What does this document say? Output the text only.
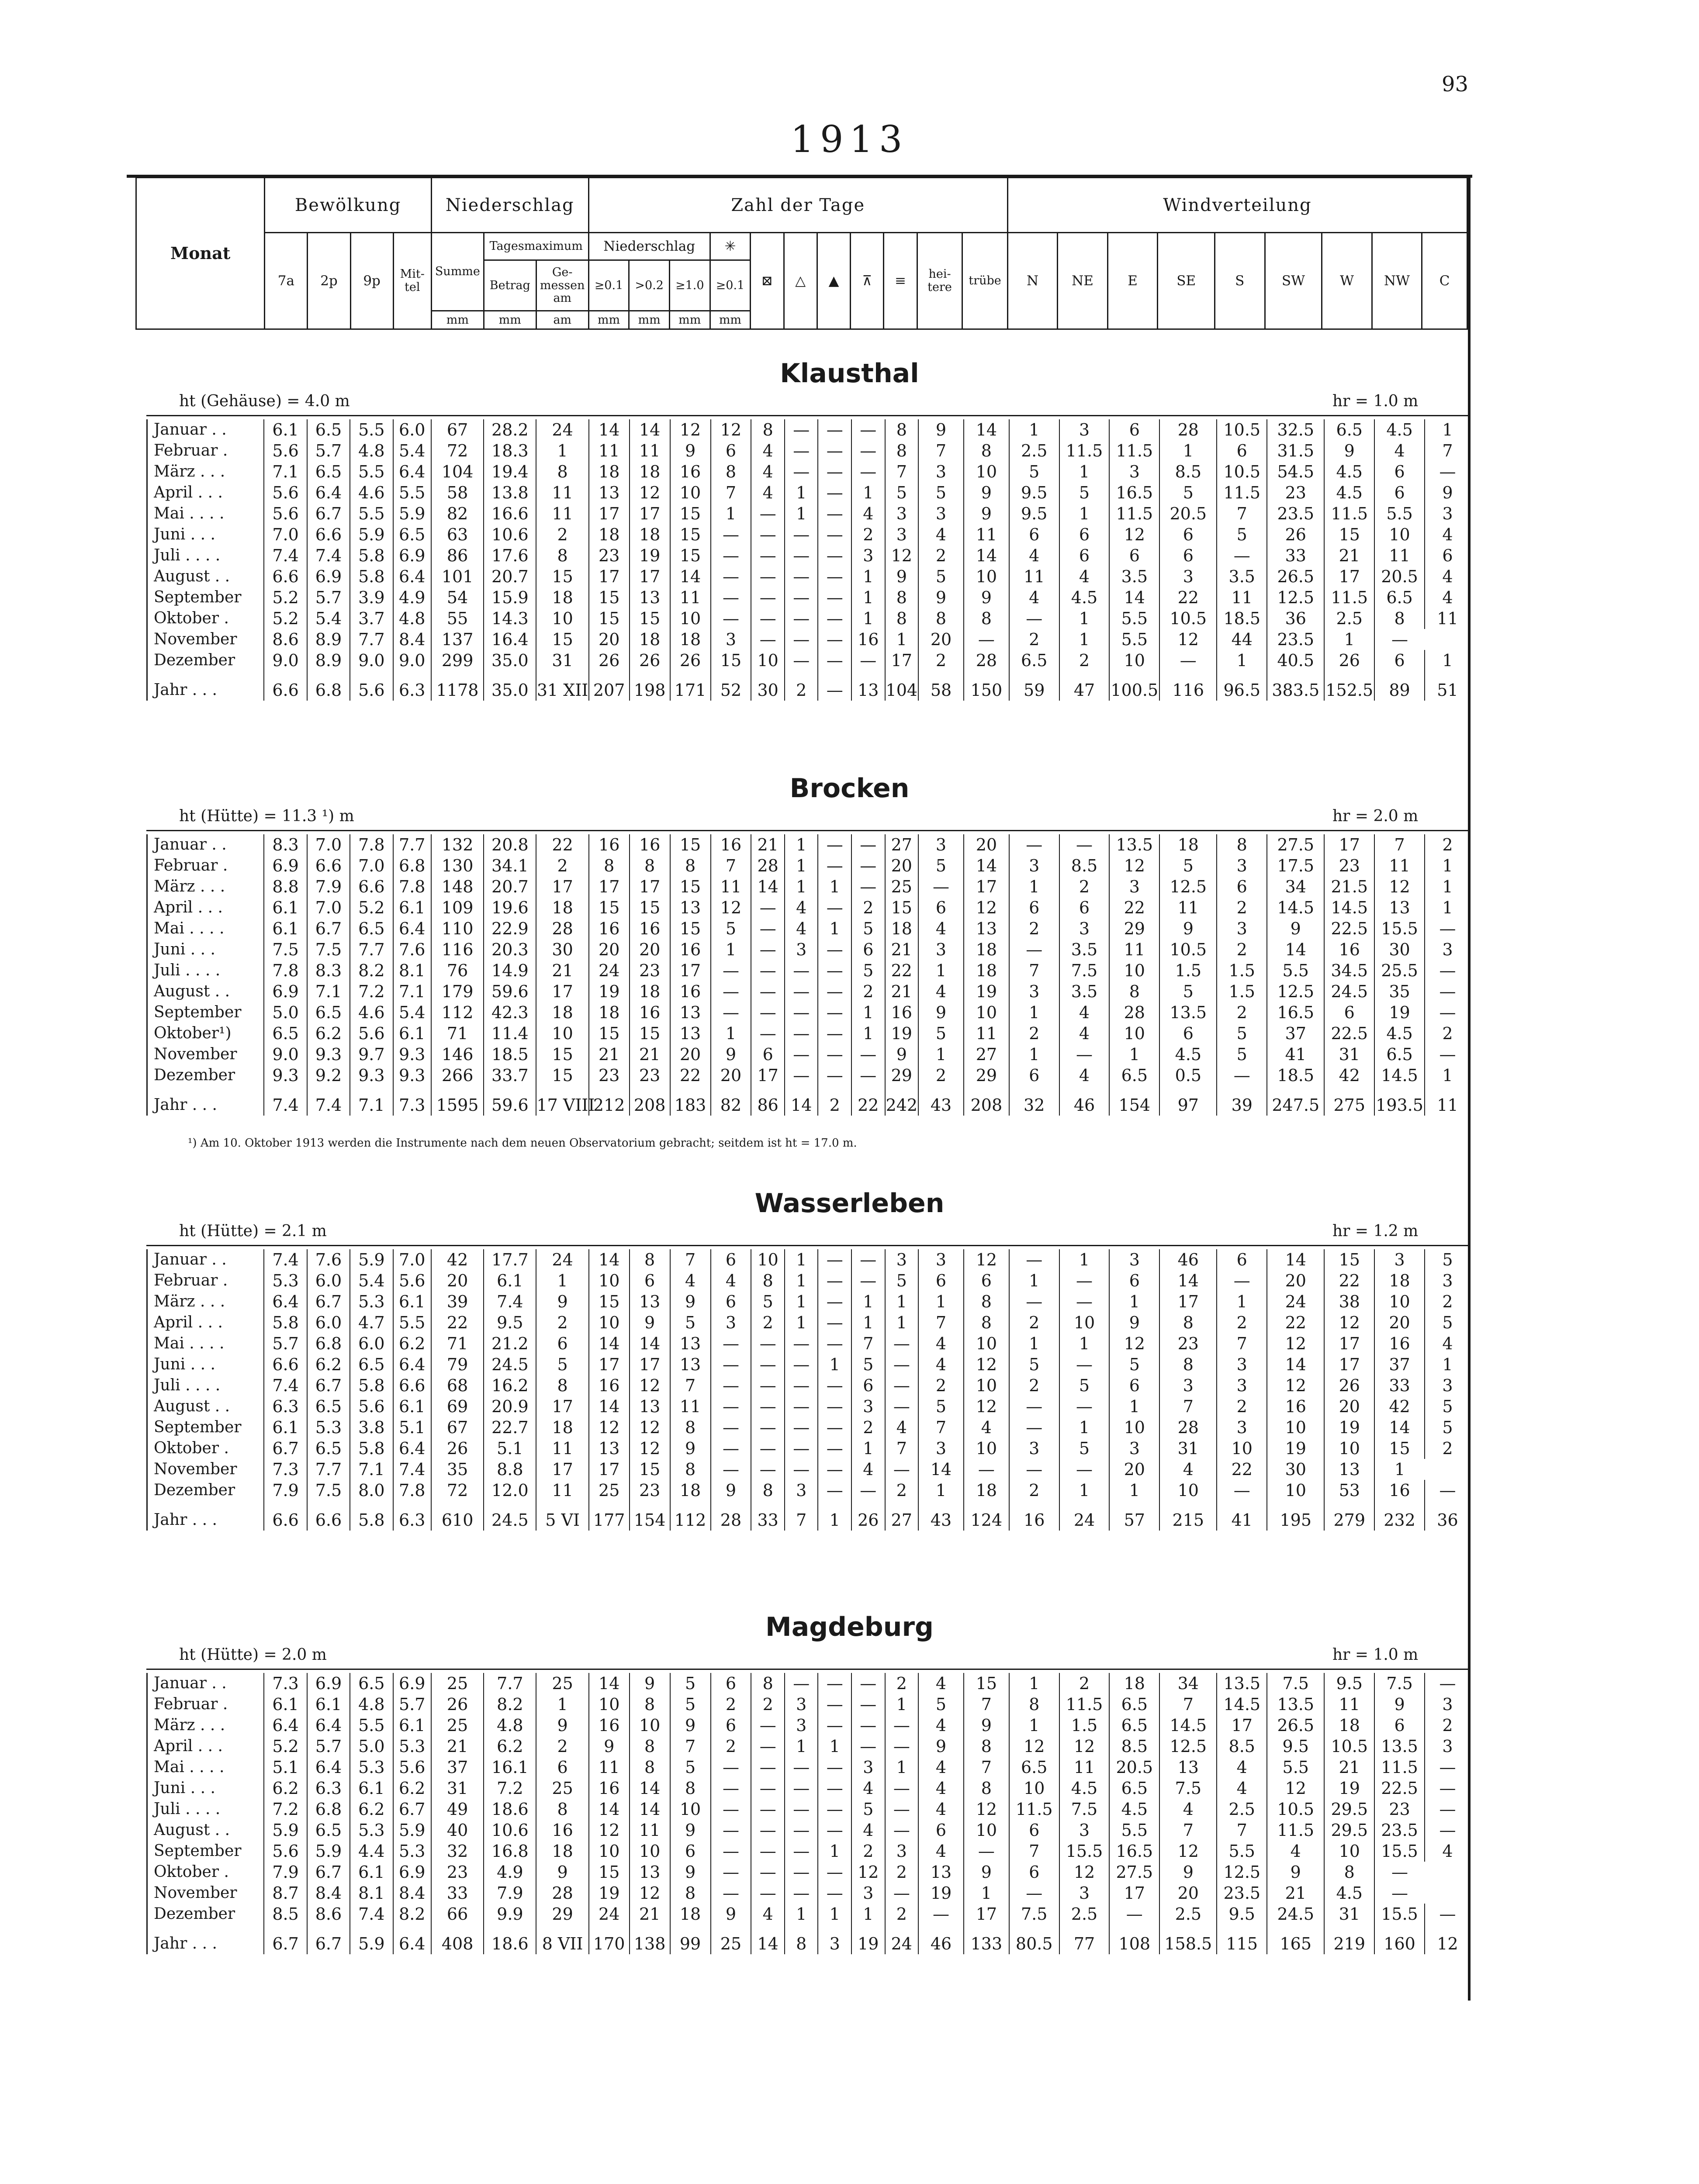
93
1913
Monat	Bewölkung				Niederschlag			Zahl der Tage											Windverteilung								
	7a	2p	9p	Mit-tel	Summe	Tagesmaximum		Niederschlag			✳	⊠	△	▲	⊼	≡	hei-tere	trübe	N	NE	E	SE	S	SW	W	NW	C
						Betrag	Ge-messen am	≥0.1	>0.2	≥1.0	≥0.1																
					mm	mm	am	mm	mm	mm	mm																
Klausthal
ht (Gehäuse) = 4.0 m	hr = 1.0 m
Januar . .	6.1	6.5	5.5	6.0	67	28.2	24	14	14	12	12	8	—	—	—	8	9	14	1	3	6	28	10.5	32.5	6.5	4.5	1
Februar .	5.6	5.7	4.8	5.4	72	18.3	1	11	11	9	6	4	—	—	—	8	7	8	2.5	11.5	11.5	1	6	31.5	9	4	7
März . . .	7.1	6.5	5.5	6.4	104	19.4	8	18	18	16	8	4	—	—	—	7	3	10	5	1	3	8.5	10.5	54.5	4.5	6	—
April . . .	5.6	6.4	4.6	5.5	58	13.8	11	13	12	10	7	4	1	—	1	5	5	9	9.5	5	16.5	5	11.5	23	4.5	6	9
Mai . . . .	5.6	6.7	5.5	5.9	82	16.6	11	17	17	15	1	—	1	—	4	3	3	9	9.5	1	11.5	20.5	7	23.5	11.5	5.5	3
Juni . . .	7.0	6.6	5.9	6.5	63	10.6	2	18	18	15	—	—	—	—	2	3	4	11	6	6	12	6	5	26	15	10	4
Juli . . . .	7.4	7.4	5.8	6.9	86	17.6	8	23	19	15	—	—	—	—	3	12	2	14	4	6	6	6	—	33	21	11	6
August . .	6.6	6.9	5.8	6.4	101	20.7	15	17	17	14	—	—	—	—	1	9	5	10	11	4	3.5	3	3.5	26.5	17	20.5	4
September	5.2	5.7	3.9	4.9	54	15.9	18	15	13	11	—	—	—	—	1	8	9	9	4	4.5	14	22	11	12.5	11.5	6.5	4
Oktober .	5.2	5.4	3.7	4.8	55	14.3	10	15	15	10	—	—	—	—	1	8	8	8	—	1	5.5	10.5	18.5	36	2.5	8	11
November	8.6	8.9	7.7	8.4	137	16.4	15	20	18	18	3	—	—	—	16	1	20	—	2	1	5.5	12	44	23.5	1	—	
Dezember	9.0	8.9	9.0	9.0	299	35.0	31	26	26	26	15	10	—	—	—	17	2	28	6.5	2	10	—	1	40.5	26	6	1
Jahr . . .	6.6	6.8	5.6	6.3	1178	35.0	31 XII	207	198	171	52	30	2	—	13	104	58	150	59	47	100.5	116	96.5	383.5	152.5	89	51
Brocken
ht (Hütte) = 11.3 ¹) m	hr = 2.0 m
Januar . .	8.3	7.0	7.8	7.7	132	20.8	22	16	16	15	16	21	1	—	—	27	3	20	—	—	13.5	18	8	27.5	17	7	2
Februar .	6.9	6.6	7.0	6.8	130	34.1	2	8	8	8	7	28	1	—	—	20	5	14	3	8.5	12	5	3	17.5	23	11	1
März . . .	8.8	7.9	6.6	7.8	148	20.7	17	17	17	15	11	14	1	1	—	25	—	17	1	2	3	12.5	6	34	21.5	12	1
April . . .	6.1	7.0	5.2	6.1	109	19.6	18	15	15	13	12	—	4	—	2	15	6	12	6	6	22	11	2	14.5	14.5	13	1
Mai . . . .	6.1	6.7	6.5	6.4	110	22.9	28	16	16	15	5	—	4	1	5	18	4	13	2	3	29	9	3	9	22.5	15.5	—
Juni . . .	7.5	7.5	7.7	7.6	116	20.3	30	20	20	16	1	—	3	—	6	21	3	18	—	3.5	11	10.5	2	14	16	30	3
Juli . . . .	7.8	8.3	8.2	8.1	76	14.9	21	24	23	17	—	—	—	—	5	22	1	18	7	7.5	10	1.5	1.5	5.5	34.5	25.5	—
August . .	6.9	7.1	7.2	7.1	179	59.6	17	19	18	16	—	—	—	—	2	21	4	19	3	3.5	8	5	1.5	12.5	24.5	35	—
September	5.0	6.5	4.6	5.4	112	42.3	18	18	16	13	—	—	—	—	1	16	9	10	1	4	28	13.5	2	16.5	6	19	—
Oktober¹)	6.5	6.2	5.6	6.1	71	11.4	10	15	15	13	1	—	—	—	1	19	5	11	2	4	10	6	5	37	22.5	4.5	2
November	9.0	9.3	9.7	9.3	146	18.5	15	21	21	20	9	6	—	—	—	9	1	27	1	—	1	4.5	5	41	31	6.5	—
Dezember	9.3	9.2	9.3	9.3	266	33.7	15	23	23	22	20	17	—	—	—	29	2	29	6	4	6.5	0.5	—	18.5	42	14.5	1
Jahr . . .	7.4	7.4	7.1	7.3	1595	59.6	17 VIII	212	208	183	82	86	14	2	22	242	43	208	32	46	154	97	39	247.5	275	193.5	11
¹) Am 10. Oktober 1913 werden die Instrumente nach dem neuen Observatorium gebracht; seitdem ist ht = 17.0 m.
Wasserleben
ht (Hütte) = 2.1 m	hr = 1.2 m
Januar . .	7.4	7.6	5.9	7.0	42	17.7	24	14	8	7	6	10	1	—	—	3	3	12	—	1	3	46	6	14	15	3	5
Februar .	5.3	6.0	5.4	5.6	20	6.1	1	10	6	4	4	8	1	—	—	5	6	6	1	—	6	14	—	20	22	18	3
März . . .	6.4	6.7	5.3	6.1	39	7.4	9	15	13	9	6	5	1	—	1	1	1	8	—	—	1	17	1	24	38	10	2
April . . .	5.8	6.0	4.7	5.5	22	9.5	2	10	9	5	3	2	1	—	1	1	7	8	2	10	9	8	2	22	12	20	5
Mai . . . .	5.7	6.8	6.0	6.2	71	21.2	6	14	14	13	—	—	—	—	7	—	4	10	1	1	12	23	7	12	17	16	4
Juni . . .	6.6	6.2	6.5	6.4	79	24.5	5	17	17	13	—	—	—	1	5	—	4	12	5	—	5	8	3	14	17	37	1
Juli . . . .	7.4	6.7	5.8	6.6	68	16.2	8	16	12	7	—	—	—	—	6	—	2	10	2	5	6	3	3	12	26	33	3
August . .	6.3	6.5	5.6	6.1	69	20.9	17	14	13	11	—	—	—	—	3	—	5	12	—	—	1	7	2	16	20	42	5
September	6.1	5.3	3.8	5.1	67	22.7	18	12	12	8	—	—	—	—	2	4	7	4	—	1	10	28	3	10	19	14	5
Oktober .	6.7	6.5	5.8	6.4	26	5.1	11	13	12	9	—	—	—	—	1	7	3	10	3	5	3	31	10	19	10	15	2
November	7.3	7.7	7.1	7.4	35	8.8	17	17	15	8	—	—	—	—	4	—	14	—	—	—	20	4	22	30	13	1	
Dezember	7.9	7.5	8.0	7.8	72	12.0	11	25	23	18	9	8	3	—	—	2	1	18	2	1	1	10	—	10	53	16	—
Jahr . . .	6.6	6.6	5.8	6.3	610	24.5	5 VI	177	154	112	28	33	7	1	26	27	43	124	16	24	57	215	41	195	279	232	36
Magdeburg
ht (Hütte) = 2.0 m	hr = 1.0 m
Januar . .	7.3	6.9	6.5	6.9	25	7.7	25	14	9	5	6	8	—	—	—	2	4	15	1	2	18	34	13.5	7.5	9.5	7.5	—
Februar .	6.1	6.1	4.8	5.7	26	8.2	1	10	8	5	2	2	3	—	—	1	5	7	8	11.5	6.5	7	14.5	13.5	11	9	3
März . . .	6.4	6.4	5.5	6.1	25	4.8	9	16	10	9	6	—	3	—	—	—	4	9	1	1.5	6.5	14.5	17	26.5	18	6	2
April . . .	5.2	5.7	5.0	5.3	21	6.2	2	9	8	7	2	—	1	1	—	—	9	8	12	12	8.5	12.5	8.5	9.5	10.5	13.5	3
Mai . . . .	5.1	6.4	5.3	5.6	37	16.1	6	11	8	5	—	—	—	—	3	1	4	7	6.5	11	20.5	13	4	5.5	21	11.5	—
Juni . . .	6.2	6.3	6.1	6.2	31	7.2	25	16	14	8	—	—	—	—	4	—	4	8	10	4.5	6.5	7.5	4	12	19	22.5	—
Juli . . . .	7.2	6.8	6.2	6.7	49	18.6	8	14	14	10	—	—	—	—	5	—	4	12	11.5	7.5	4.5	4	2.5	10.5	29.5	23	—
August . .	5.9	6.5	5.3	5.9	40	10.6	16	12	11	9	—	—	—	—	4	—	6	10	6	3	5.5	7	7	11.5	29.5	23.5	—
September	5.6	5.9	4.4	5.3	32	16.8	18	10	10	6	—	—	—	1	2	3	4	—	7	15.5	16.5	12	5.5	4	10	15.5	4
Oktober .	7.9	6.7	6.1	6.9	23	4.9	9	15	13	9	—	—	—	—	12	2	13	9	6	12	27.5	9	12.5	9	8	—	
November	8.7	8.4	8.1	8.4	33	7.9	28	19	12	8	—	—	—	—	3	—	19	1	—	3	17	20	23.5	21	4.5	—	
Dezember	8.5	8.6	7.4	8.2	66	9.9	29	24	21	18	9	4	1	1	1	2	—	17	7.5	2.5	—	2.5	9.5	24.5	31	15.5	—
Jahr . . .	6.7	6.7	5.9	6.4	408	18.6	8 VII	170	138	99	25	14	8	3	19	24	46	133	80.5	77	108	158.5	115	165	219	160	12
